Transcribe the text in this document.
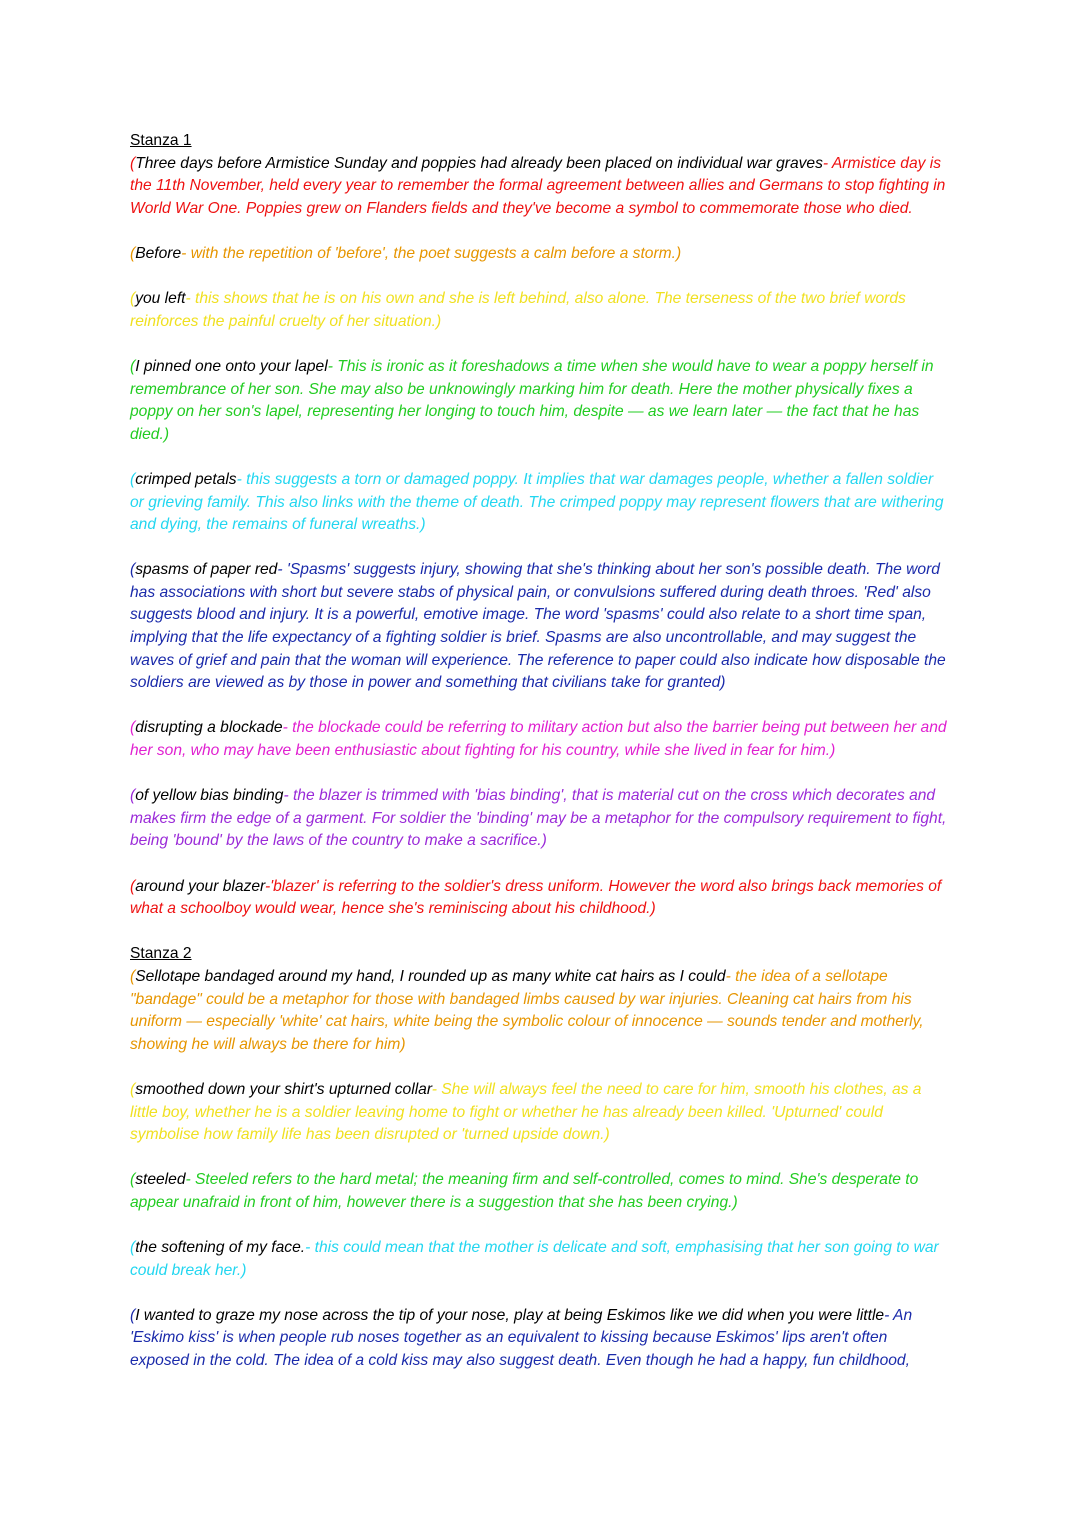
Stanza 1

(Three days before Armistice Sunday and poppies had already been placed on individual war graves- Armistice day is the 11th November, held every year to remember the formal agreement between allies and Germans to stop fighting in World War One. Poppies grew on Flanders fields and they've become a symbol to commemorate those who died.

(Before- with the repetition of 'before', the poet suggests a calm before a storm.)

(you left- this shows that he is on his own and she is left behind, also alone. The terseness of the two brief words reinforces the painful cruelty of her situation.)

(I pinned one onto your lapel- This is ironic as it foreshadows a time when she would have to wear a poppy herself in remembrance of her son. She may also be unknowingly marking him for death. Here the mother physically fixes a poppy on her son's lapel, representing her longing to touch him, despite — as we learn later — the fact that he has died.)

(crimped petals- this suggests a torn or damaged poppy. It implies that war damages people, whether a fallen soldier or grieving family. This also links with the theme of death. The crimped poppy may represent flowers that are withering and dying, the remains of funeral wreaths.)

(spasms of paper red- 'Spasms' suggests injury, showing that she's thinking about her son's possible death. The word has associations with short but severe stabs of physical pain, or convulsions suffered during death throes. 'Red' also suggests blood and injury. It is a powerful, emotive image. The word 'spasms' could also relate to a short time span, implying that the life expectancy of a fighting soldier is brief. Spasms are also uncontrollable, and may suggest the waves of grief and pain that the woman will experience. The reference to paper could also indicate how disposable the soldiers are viewed as by those in power and something that civilians take for granted)

(disrupting a blockade- the blockade could be referring to military action but also the barrier being put between her and her son, who may have been enthusiastic about fighting for his country, while she lived in fear for him.)

(of yellow bias binding- the blazer is trimmed with 'bias binding', that is material cut on the cross which decorates and makes firm the edge of a garment. For soldier the 'binding' may be a metaphor for the compulsory requirement to fight, being 'bound' by the laws of the country to make a sacrifice.)

(around your blazer-'blazer' is referring to the soldier's dress uniform. However the word also brings back memories of what a schoolboy would wear, hence she's reminiscing about his childhood.)

Stanza 2

(Sellotape bandaged around my hand, I rounded up as many white cat hairs as I could- the idea of a sellotape "bandage" could be a metaphor for those with bandaged limbs caused by war injuries. Cleaning cat hairs from his uniform — especially 'white' cat hairs, white being the symbolic colour of innocence — sounds tender and motherly, showing he will always be there for him)

(smoothed down your shirt's upturned collar- She will always feel the need to care for him, smooth his clothes, as a little boy, whether he is a soldier leaving home to fight or whether he has already been killed. 'Upturned' could symbolise how family life has been disrupted or 'turned upside down.)

(steeled- Steeled refers to the hard metal; the meaning firm and self-controlled, comes to mind. She's desperate to appear unafraid in front of him, however there is a suggestion that she has been crying.)

(the softening of my face.- this could mean that the mother is delicate and soft, emphasising that her son going to war could break her.)

(I wanted to graze my nose across the tip of your nose, play at being Eskimos like we did when you were little- An 'Eskimo kiss' is when people rub noses together as an equivalent to kissing because Eskimos' lips aren't often exposed in the cold. The idea of a cold kiss may also suggest death. Even though he had a happy, fun childhood,
